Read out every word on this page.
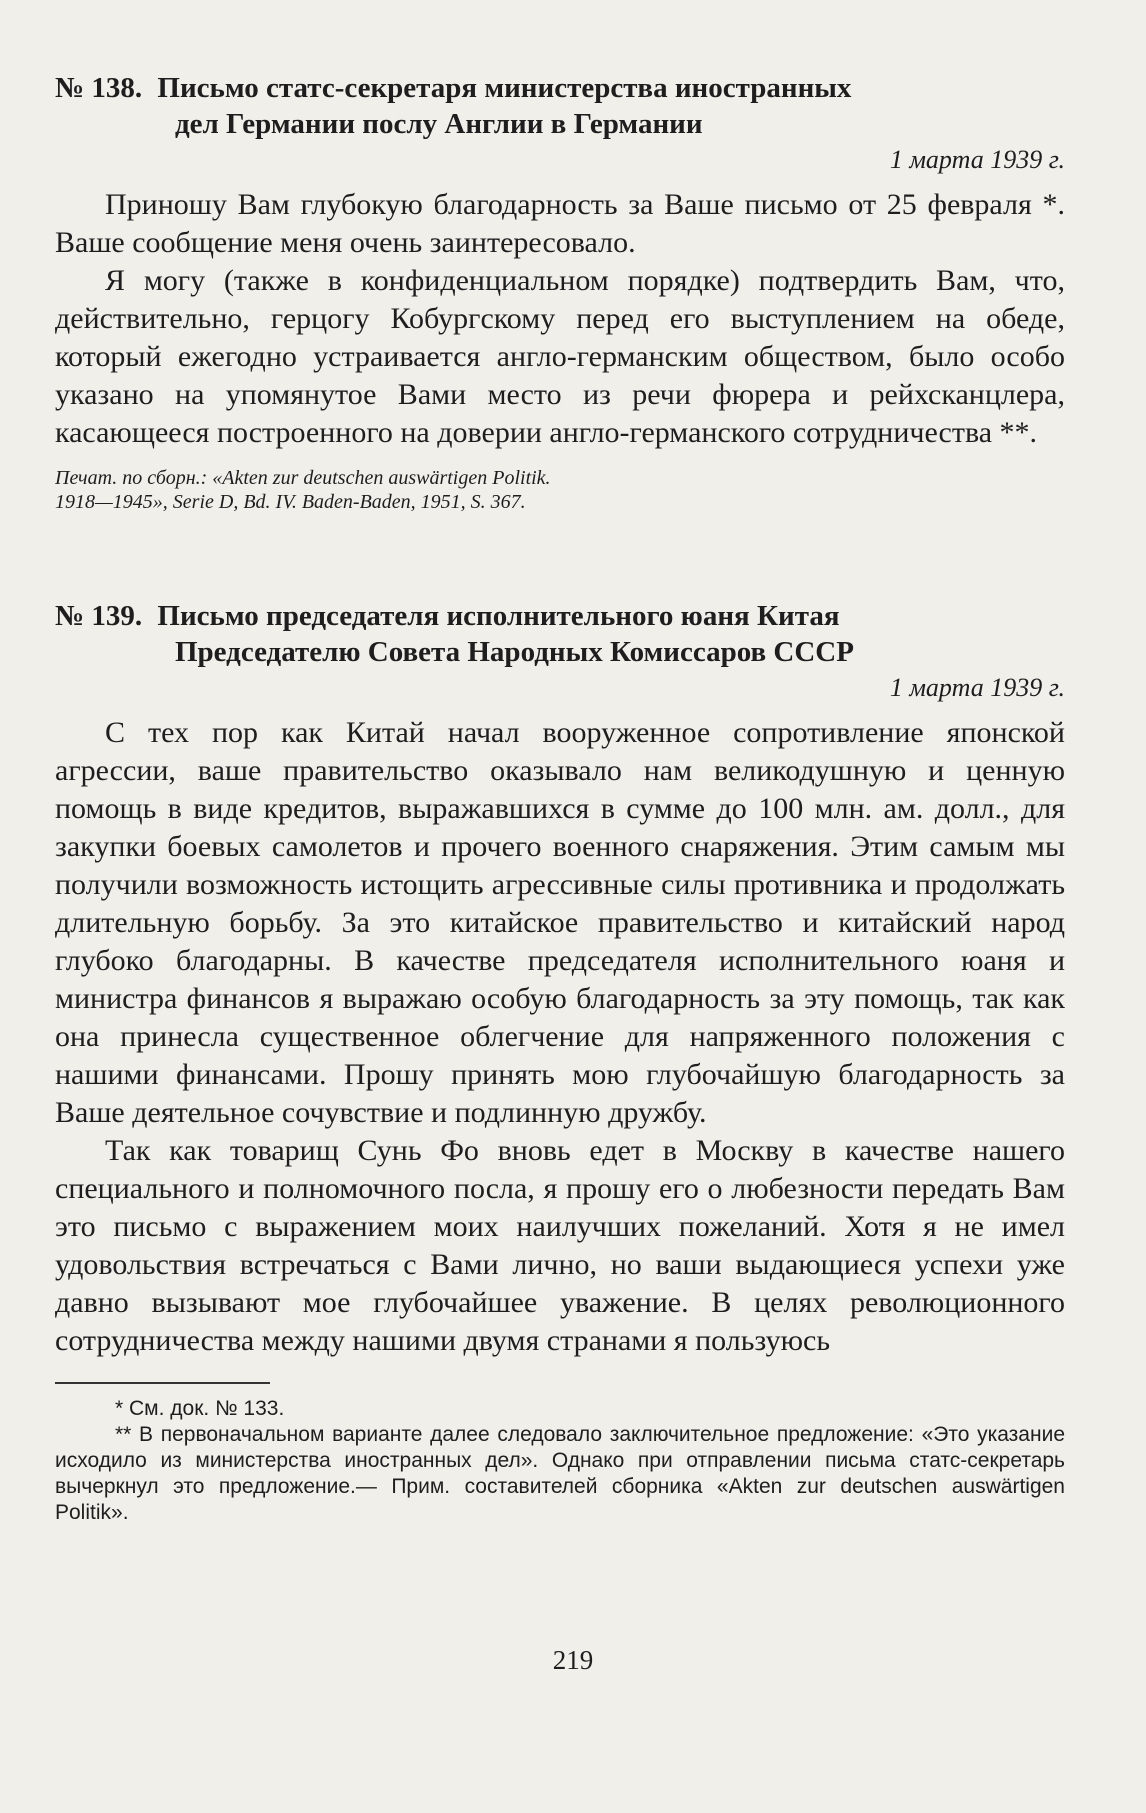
№ 138. Письмо статс-секретаря министерства иностранных
дел Германии послу Англии в Германии
1 марта 1939 г.

Приношу Вам глубокую благодарность за Ваше письмо от 25 февраля *. Ваше сообщение меня очень заинтересовало.

Я могу (также в конфиденциальном порядке) подтвердить Вам, что, действительно, герцогу Кобургскому перед его выступлением на обеде, который ежегодно устраивается англо-германским обществом, было особо указано на упомянутое Вами место из речи фюрера и рейхсканцлера, касающееся построенного на доверии англо-германского сотрудничества **.

Печат. по сборн.: «Akten zur deutschen auswärtigen Politik. 1918—1945», Serie D, Bd. IV. Baden-Baden, 1951, S. 367.

№ 139. Письмо председателя исполнительного юаня Китая
Председателю Совета Народных Комиссаров СССР
1 марта 1939 г.

С тех пор как Китай начал вооруженное сопротивление японской агрессии, ваше правительство оказывало нам великодушную и ценную помощь в виде кредитов, выражавшихся в сумме до 100 млн. ам. долл., для закупки боевых самолетов и прочего военного снаряжения. Этим самым мы получили возможность истощить агрессивные силы противника и продолжать длительную борьбу. За это китайское правительство и китайский народ глубоко благодарны. В качестве председателя исполнительного юаня и министра финансов я выражаю особую благодарность за эту помощь, так как она принесла существенное облегчение для напряженного положения с нашими финансами. Прошу принять мою глубочайшую благодарность за Ваше деятельное сочувствие и подлинную дружбу.

Так как товарищ Сунь Фо вновь едет в Москву в качестве нашего специального и полномочного посла, я прошу его о любезности передать Вам это письмо с выражением моих наилучших пожеланий. Хотя я не имел удовольствия встречаться с Вами лично, но ваши выдающиеся успехи уже давно вызывают мое глубочайшее уважение. В целях революционного сотрудничества между нашими двумя странами я пользуюсь

* См. док. № 133.

** В первоначальном варианте далее следовало заключительное предложение: «Это указание исходило из министерства иностранных дел». Однако при отправлении письма статс-секретарь вычеркнул это предложение.— Прим. составителей сборника «Akten zur deutschen auswärtigen Politik».

219
